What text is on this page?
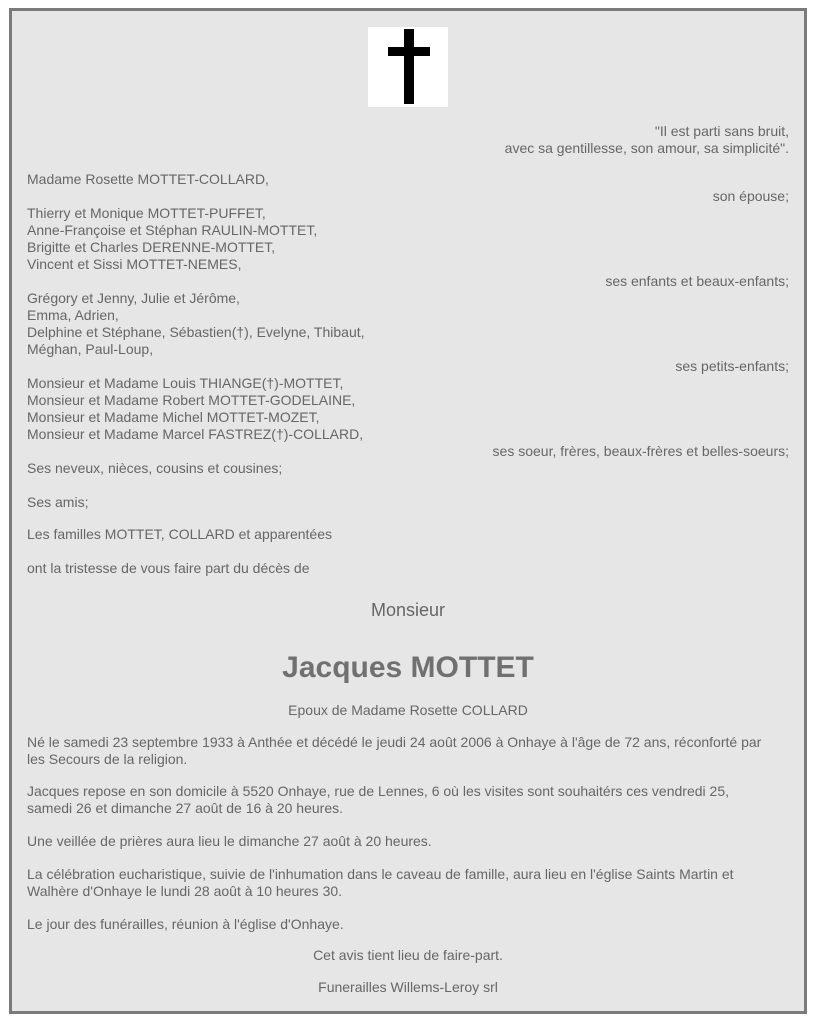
"Il est parti sans bruit,
avec sa gentillesse, son amour, sa simplicité".
Madame Rosette MOTTET-COLLARD,
son épouse;
Thierry et Monique MOTTET-PUFFET,
Anne-Françoise et Stéphan RAULIN-MOTTET,
Brigitte et Charles DERENNE-MOTTET,
Vincent et Sissi MOTTET-NEMES,
ses enfants et beaux-enfants;
Grégory et Jenny, Julie et Jérôme,
Emma, Adrien,
Delphine et Stéphane, Sébastien(†), Evelyne, Thibaut,
Méghan, Paul-Loup,
ses petits-enfants;
Monsieur et Madame Louis THIANGE(†)-MOTTET,
Monsieur et Madame Robert MOTTET-GODELAINE,
Monsieur et Madame Michel MOTTET-MOZET,
Monsieur et Madame Marcel FASTREZ(†)-COLLARD,
ses soeur, frères, beaux-frères et belles-soeurs;
Ses neveux, nièces, cousins et cousines;
Ses amis;
Les familles MOTTET, COLLARD et apparentées
ont la tristesse de vous faire part du décès de
Monsieur
Jacques MOTTET
Epoux de Madame Rosette COLLARD
Né le samedi 23 septembre 1933 à Anthée et décédé le jeudi 24 août 2006 à Onhaye à l'âge de 72 ans, réconforté par
les Secours de la religion.
Jacques repose en son domicile à 5520 Onhaye, rue de Lennes, 6 où les visites sont souhaitérs ces vendredi 25,
samedi 26 et dimanche 27 août de 16 à 20 heures.
Une veillée de prières aura lieu le dimanche 27 août à 20 heures.
La célébration eucharistique, suivie de l'inhumation dans le caveau de famille, aura lieu en l'église Saints Martin et
Walhère d'Onhaye le lundi 28 août à 10 heures 30.
Le jour des funérailles, réunion à l'église d'Onhaye.
Cet avis tient lieu de faire-part.
Funerailles Willems-Leroy srl
